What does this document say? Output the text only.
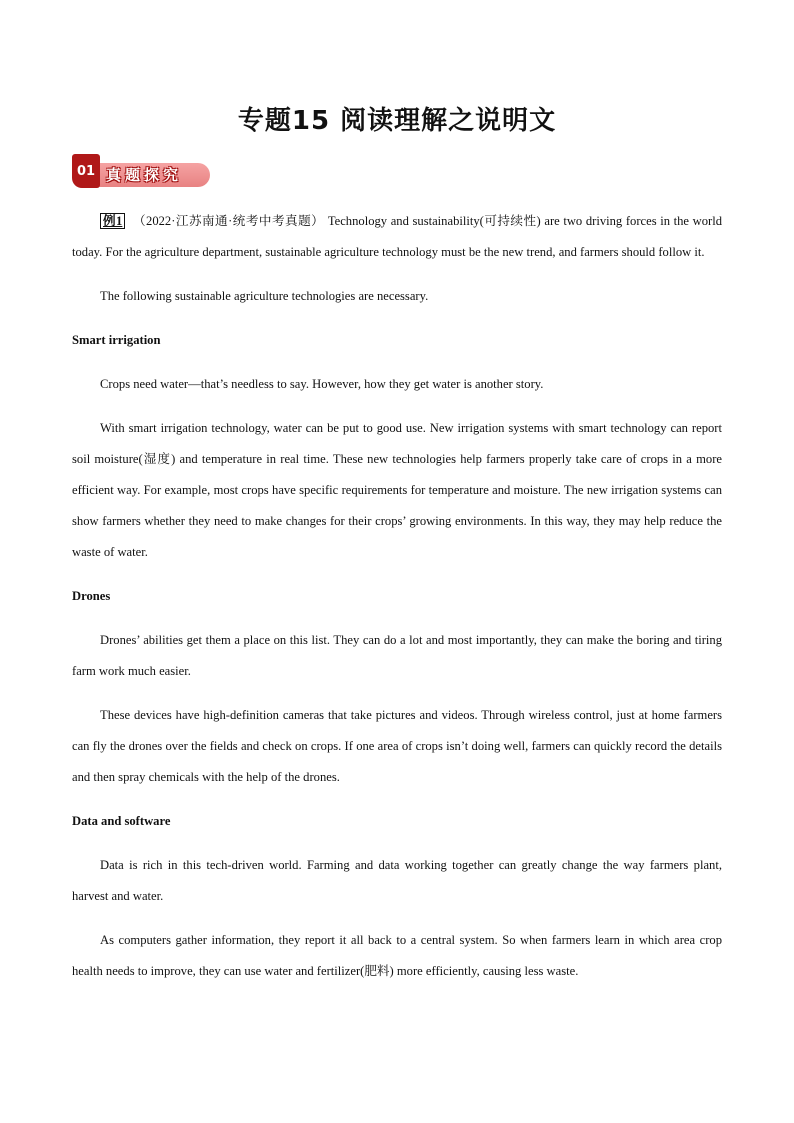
专题15 阅读理解之说明文
01 真题探究

例1 （2022·江苏南通·统考中考真题） Technology and sustainability(可持续性) are two driving forces in the world today. For the agriculture department, sustainable agriculture technology must be the new trend, and farmers should follow it.

The following sustainable agriculture technologies are necessary.

Smart irrigation

Crops need water—that’s needless to say. However, how they get water is another story.

With smart irrigation technology, water can be put to good use. New irrigation systems with smart technology can report soil moisture(湿度) and temperature in real time. These new technologies help farmers properly take care of crops in a more efficient way. For example, most crops have specific requirements for temperature and moisture. The new irrigation systems can show farmers whether they need to make changes for their crops’ growing environments. In this way, they may help reduce the waste of water.

Drones

Drones’ abilities get them a place on this list. They can do a lot and most importantly, they can make the boring and tiring farm work much easier.

These devices have high-definition cameras that take pictures and videos. Through wireless control, just at home farmers can fly the drones over the fields and check on crops. If one area of crops isn’t doing well, farmers can quickly record the details and then spray chemicals with the help of the drones.

Data and software

Data is rich in this tech-driven world. Farming and data working together can greatly change the way farmers plant, harvest and water.

As computers gather information, they report it all back to a central system. So when farmers learn in which area crop health needs to improve, they can use water and fertilizer(肥料) more efficiently, causing less waste.
